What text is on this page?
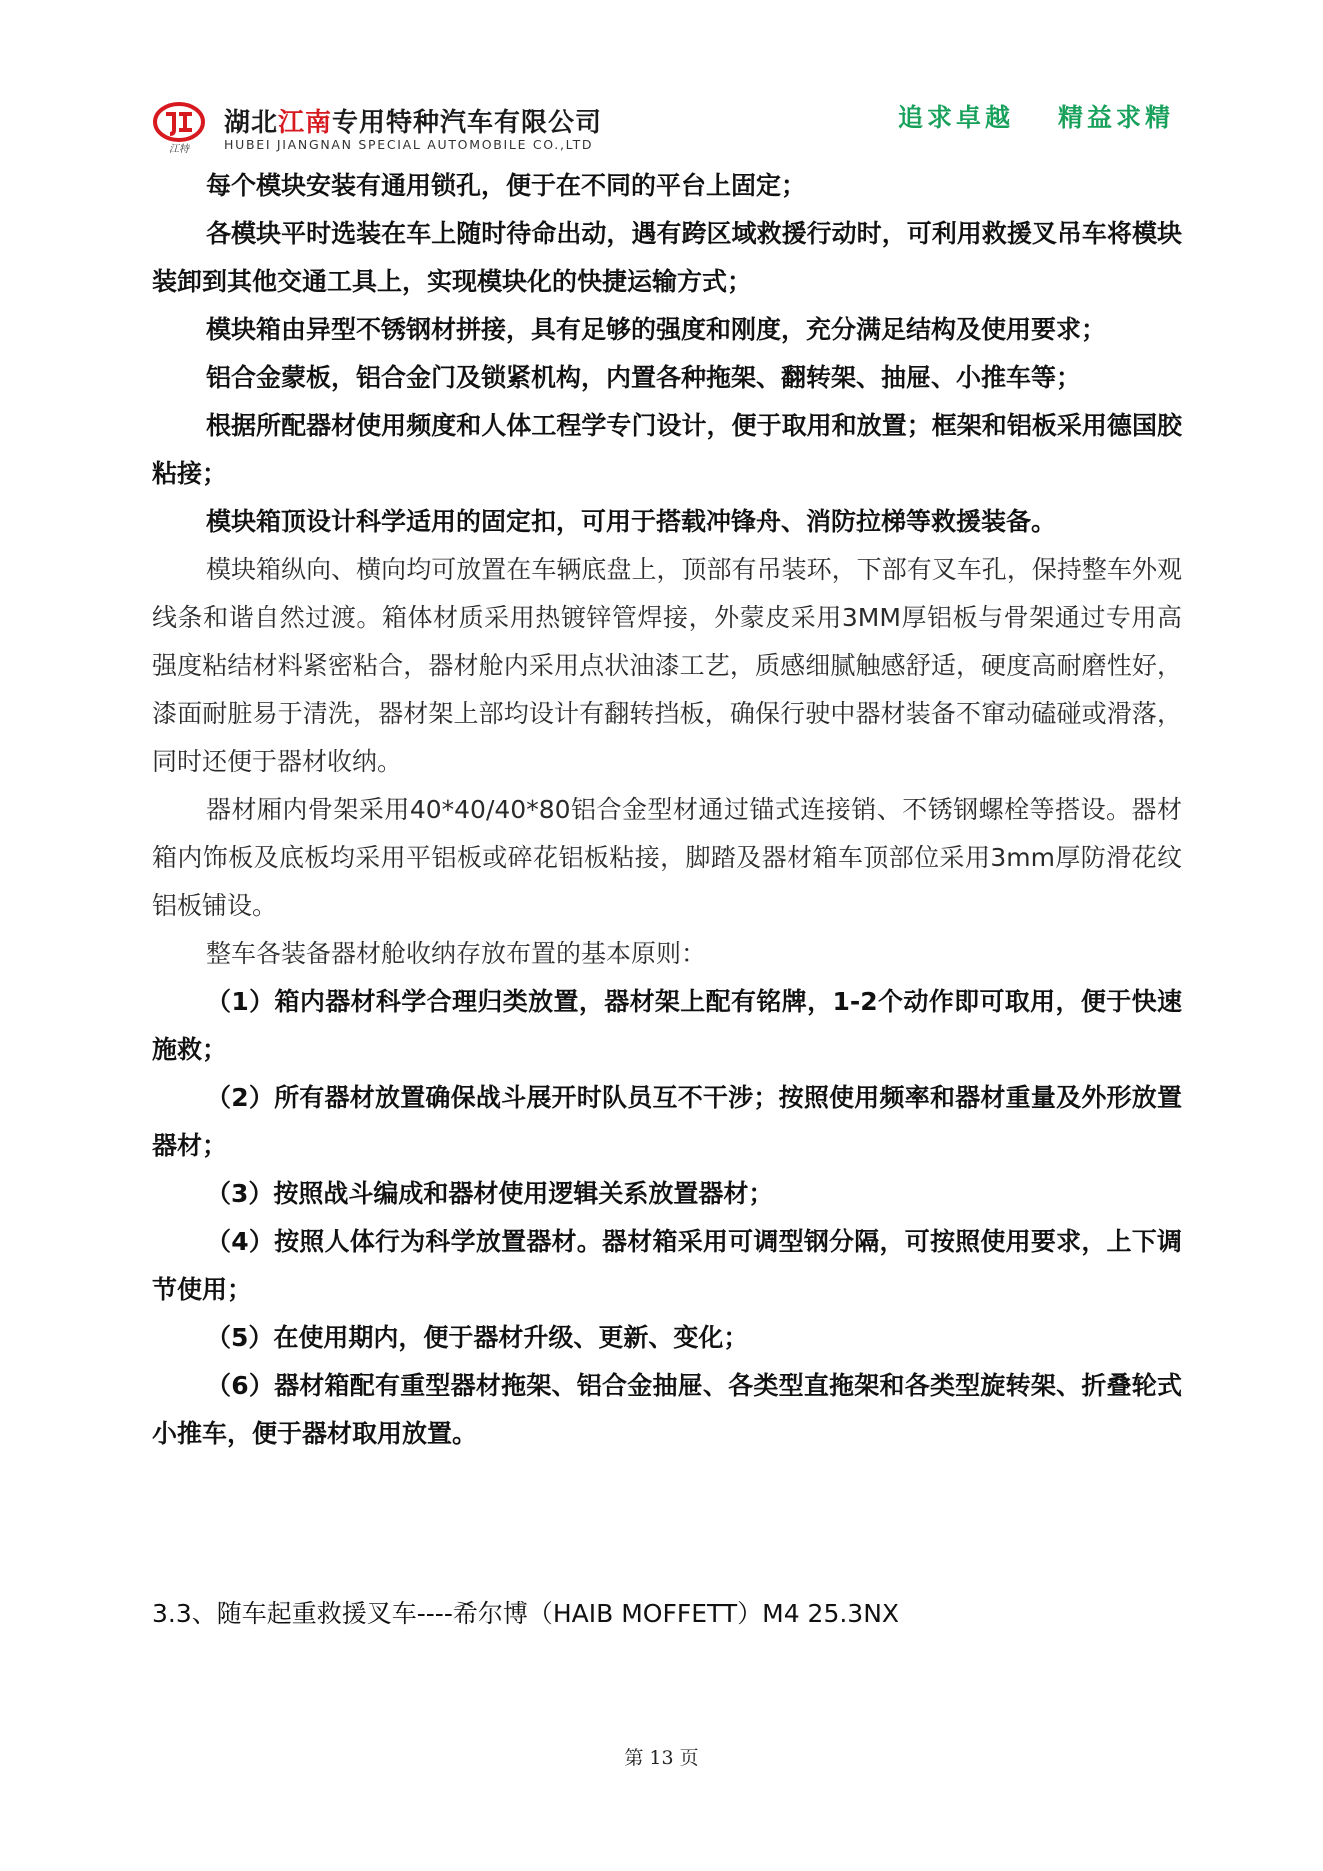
江特
湖北江南专用特种汽车有限公司
HUBEI JIANGNAN SPECIAL AUTOMOBILE CO.,LTD
追求卓越 精益求精

每个模块安装有通用锁孔，便于在不同的平台上固定；

各模块平时选装在车上随时待命出动，遇有跨区域救援行动时，可利用救援叉吊车将模块装卸到其他交通工具上，实现模块化的快捷运输方式；

模块箱由异型不锈钢材拼接，具有足够的强度和刚度，充分满足结构及使用要求；

铝合金蒙板，铝合金门及锁紧机构，内置各种拖架、翻转架、抽屉、小推车等；

根据所配器材使用频度和人体工程学专门设计，便于取用和放置；框架和铝板采用德国胶粘接；

模块箱顶设计科学适用的固定扣，可用于搭载冲锋舟、消防拉梯等救援装备。

模块箱纵向、横向均可放置在车辆底盘上，顶部有吊装环，下部有叉车孔，保持整车外观线条和谐自然过渡。箱体材质采用热镀锌管焊接，外蒙皮采用3MM厚铝板与骨架通过专用高强度粘结材料紧密粘合，器材舱内采用点状油漆工艺，质感细腻触感舒适，硬度高耐磨性好，漆面耐脏易于清洗，器材架上部均设计有翻转挡板，确保行驶中器材装备不窜动磕碰或滑落，同时还便于器材收纳。

器材厢内骨架采用40*40/40*80铝合金型材通过锚式连接销、不锈钢螺栓等搭设。器材箱内饰板及底板均采用平铝板或碎花铝板粘接，脚踏及器材箱车顶部位采用3mm厚防滑花纹铝板铺设。

整车各装备器材舱收纳存放布置的基本原则：

（1）箱内器材科学合理归类放置，器材架上配有铭牌，1-2个动作即可取用，便于快速施救；

（2）所有器材放置确保战斗展开时队员互不干涉；按照使用频率和器材重量及外形放置器材；

（3）按照战斗编成和器材使用逻辑关系放置器材；

（4）按照人体行为科学放置器材。器材箱采用可调型钢分隔，可按照使用要求，上下调节使用；

（5）在使用期内，便于器材升级、更新、变化；

（6）器材箱配有重型器材拖架、铝合金抽屉、各类型直拖架和各类型旋转架、折叠轮式小推车，便于器材取用放置。

3.3、随车起重救援叉车----希尔博（HAIB MOFFETT）M4 25.3NX
第 13 页
